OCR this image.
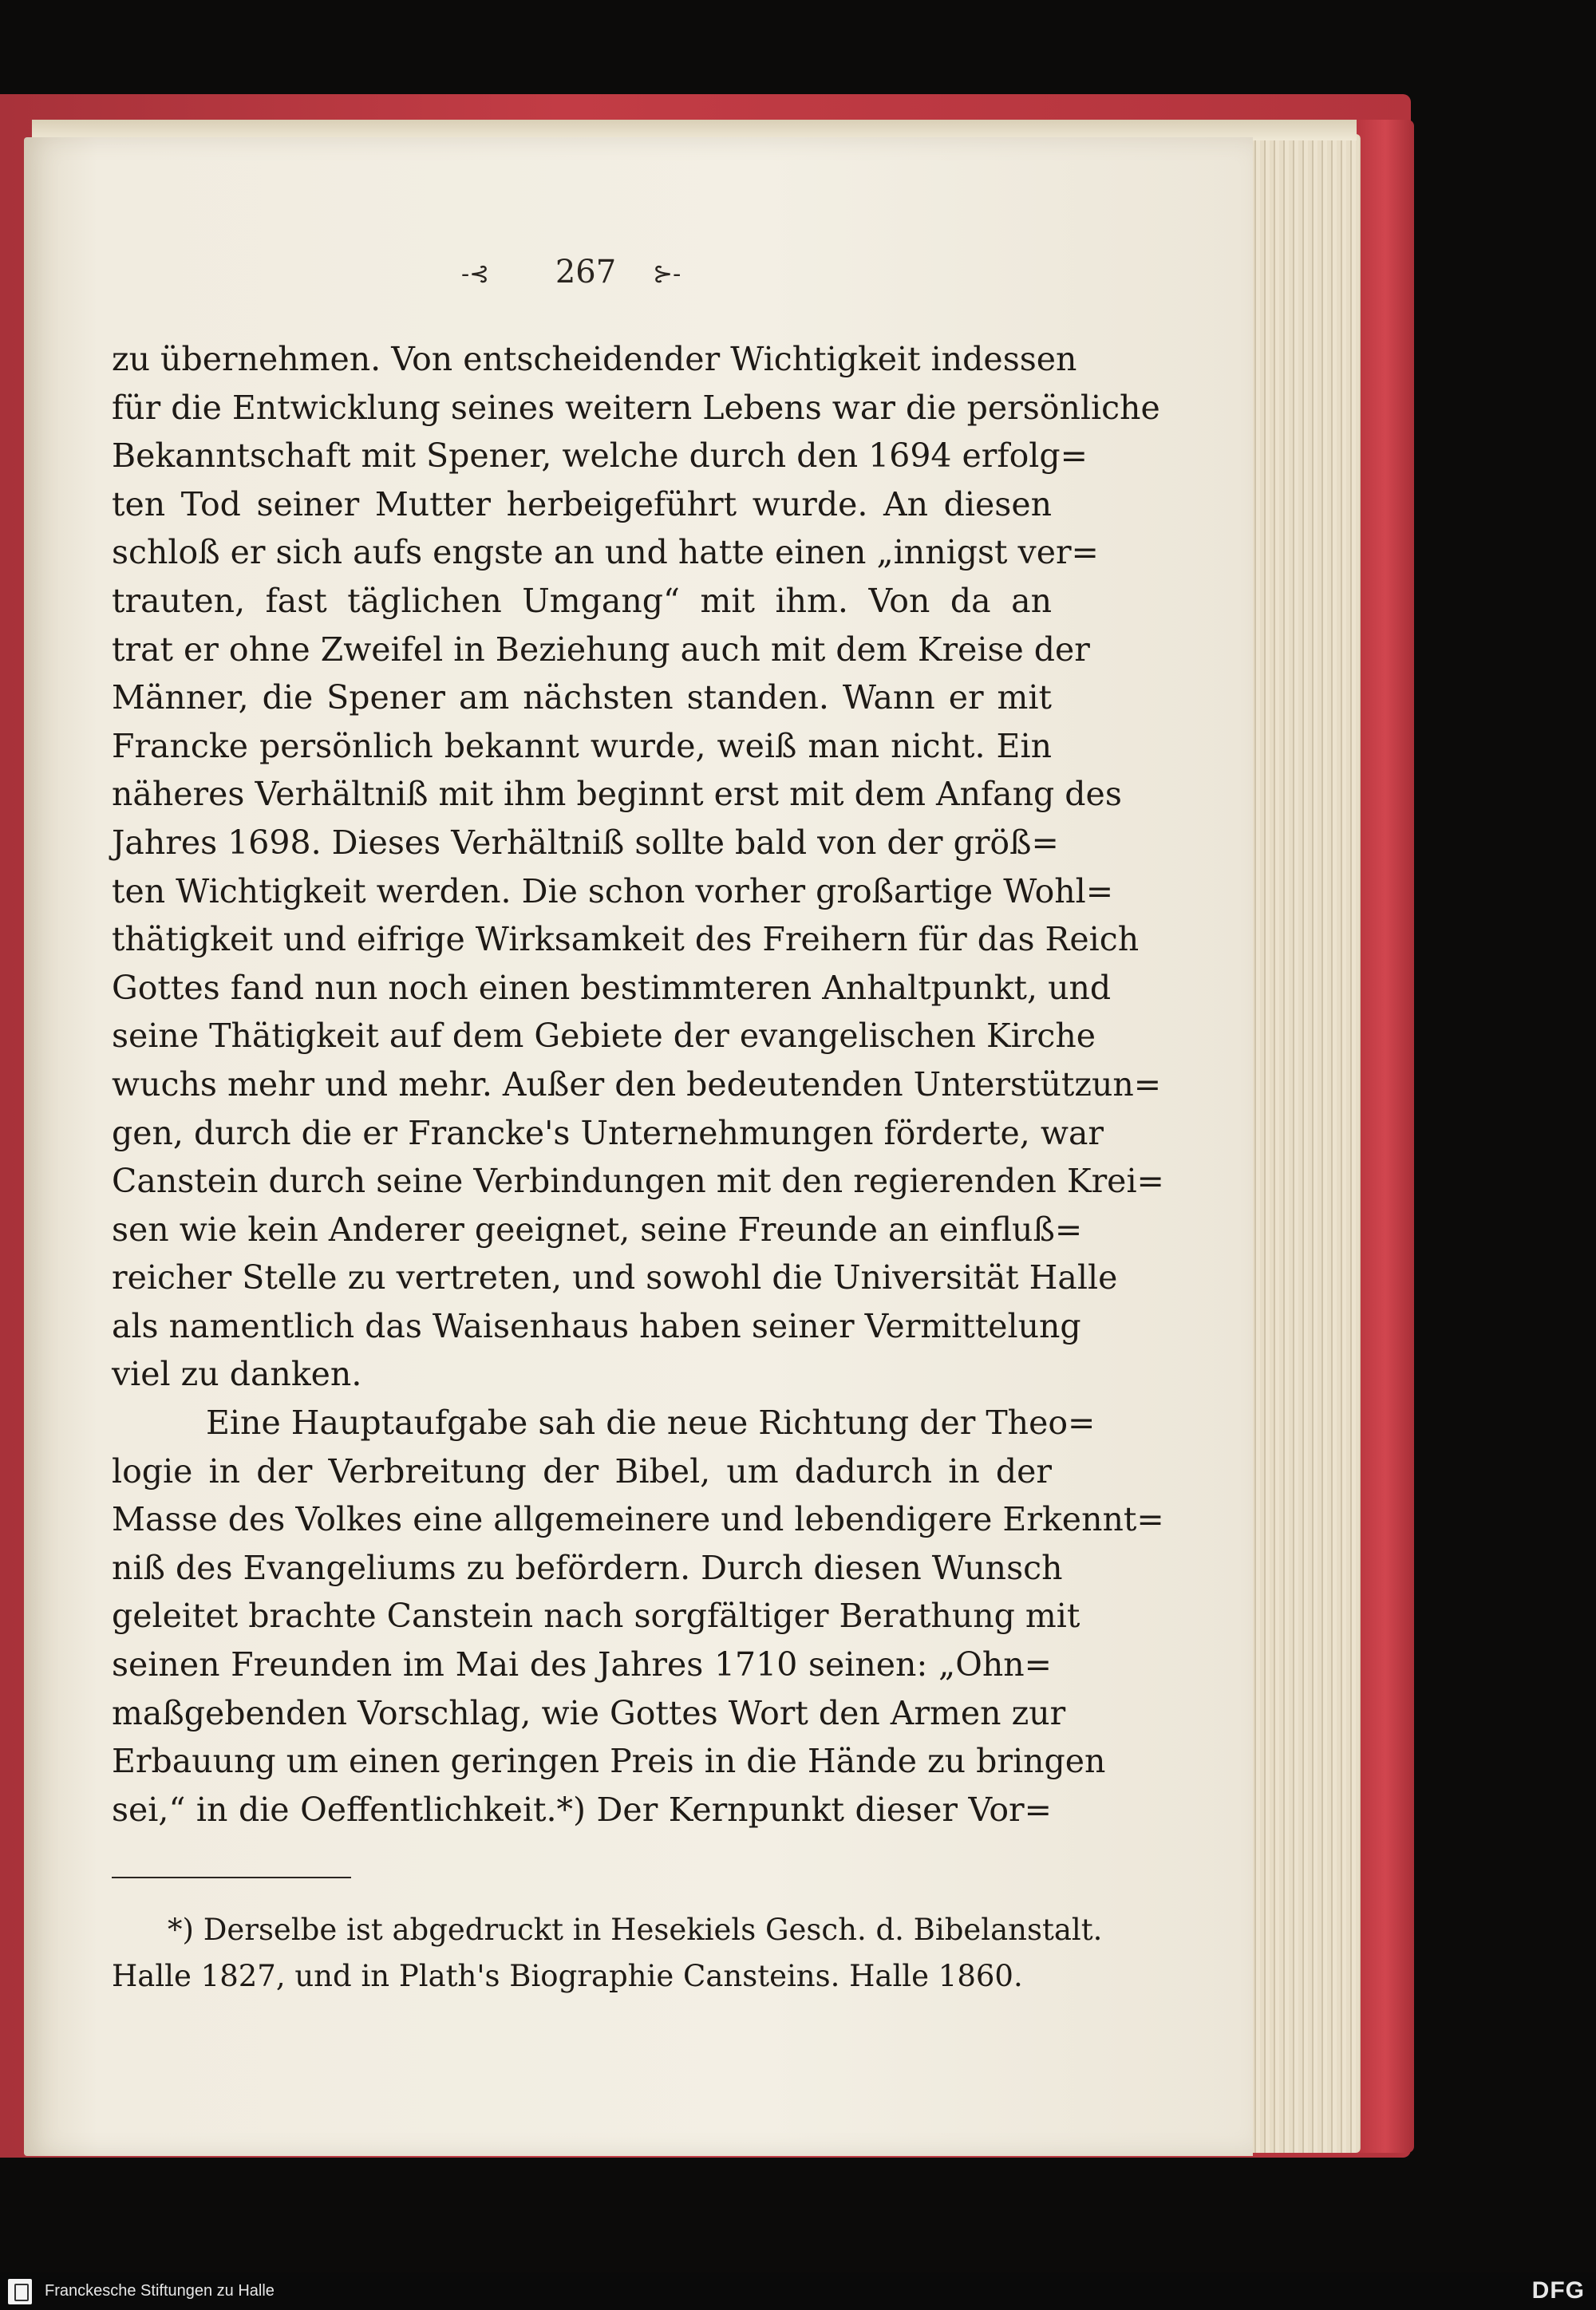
-⊰	267	⊱-
zu übernehmen. Von entscheidender Wichtigkeit indessen
für die Entwicklung seines weitern Lebens war die persönliche
Bekanntschaft mit Spener, welche durch den 1694 erfolg=
ten Tod seiner Mutter herbeigeführt wurde. An diesen
schloß er sich aufs engste an und hatte einen „innigst ver=
trauten, fast täglichen Umgang“ mit ihm. Von da an
trat er ohne Zweifel in Beziehung auch mit dem Kreise der
Männer, die Spener am nächsten standen. Wann er mit
Francke persönlich bekannt wurde, weiß man nicht. Ein
näheres Verhältniß mit ihm beginnt erst mit dem Anfang des
Jahres 1698. Dieses Verhältniß sollte bald von der größ=
ten Wichtigkeit werden. Die schon vorher großartige Wohl=
thätigkeit und eifrige Wirksamkeit des Freihern für das Reich
Gottes fand nun noch einen bestimmteren Anhaltpunkt, und
seine Thätigkeit auf dem Gebiete der evangelischen Kirche
wuchs mehr und mehr. Außer den bedeutenden Unterstützun=
gen, durch die er Francke's Unternehmungen förderte, war
Canstein durch seine Verbindungen mit den regierenden Krei=
sen wie kein Anderer geeignet, seine Freunde an einfluß=
reicher Stelle zu vertreten, und sowohl die Universität Halle
als namentlich das Waisenhaus haben seiner Vermittelung
viel zu danken.
Eine Hauptaufgabe sah die neue Richtung der Theo=
logie in der Verbreitung der Bibel, um dadurch in der
Masse des Volkes eine allgemeinere und lebendigere Erkennt=
niß des Evangeliums zu befördern. Durch diesen Wunsch
geleitet brachte Canstein nach sorgfältiger Berathung mit
seinen Freunden im Mai des Jahres 1710 seinen: „Ohn=
maßgebenden Vorschlag, wie Gottes Wort den Armen zur
Erbauung um einen geringen Preis in die Hände zu bringen
sei,“ in die Oeffentlichkeit.*) Der Kernpunkt dieser Vor=
*) Derselbe ist abgedruckt in Hesekiels Gesch. d. Bibelanstalt.
Halle 1827, und in Plath's Biographie Cansteins. Halle 1860.
Franckesche Stiftungen zu Halle	DFG
